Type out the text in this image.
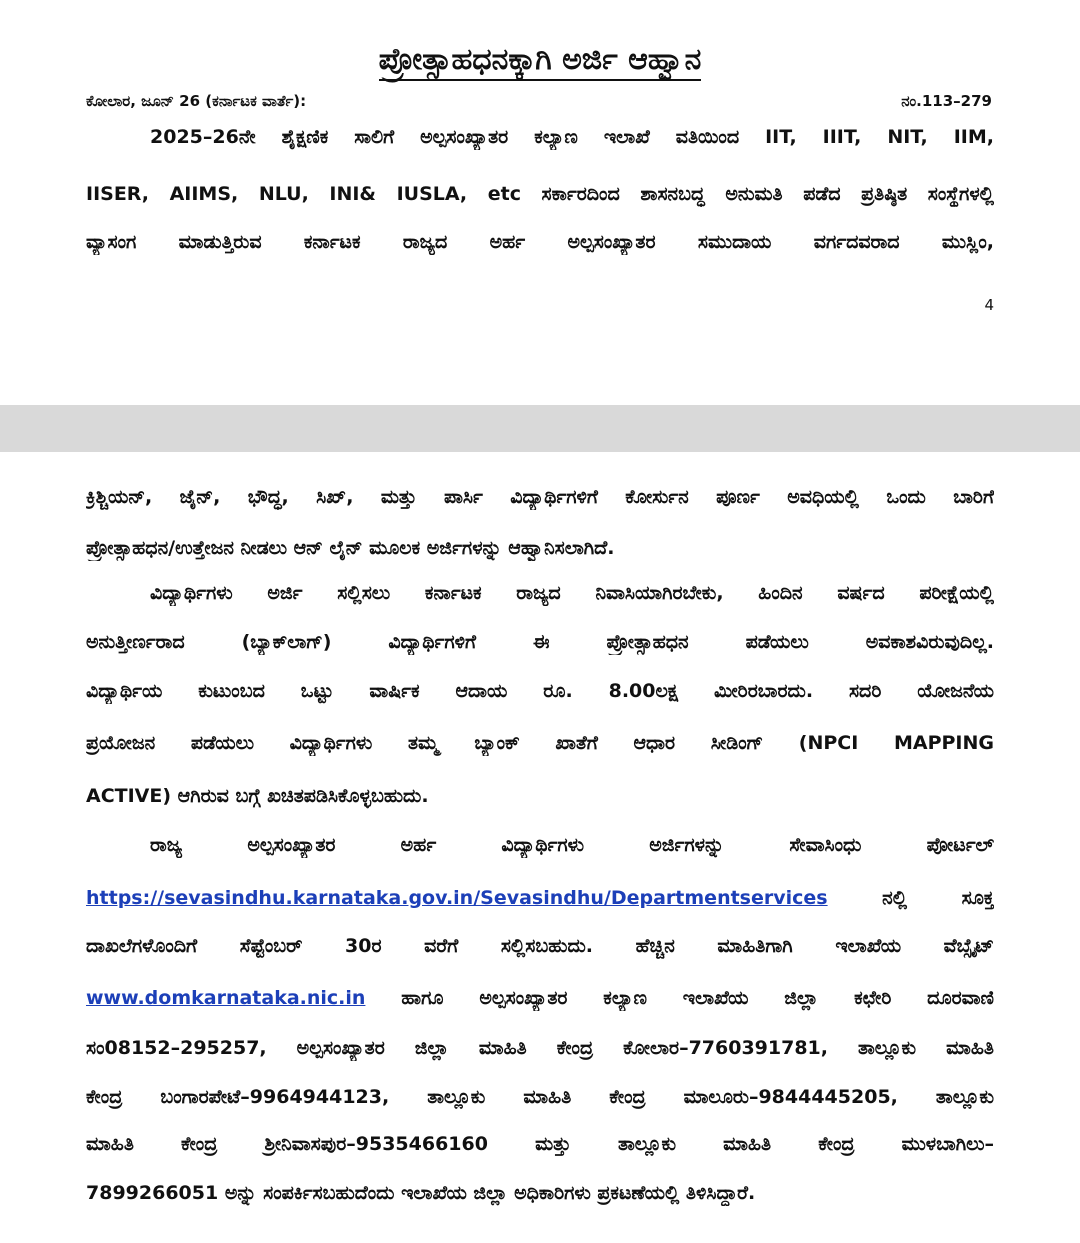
ಪ್ರೋತ್ಸಾಹಧನಕ್ಕಾಗಿ ಅರ್ಜಿ ಆಹ್ವಾನ
ಕೋಲಾರ, ಜೂನ್ 26 (ಕರ್ನಾಟಕ ವಾರ್ತೆ):	ನಂ.113–279
2025–26ನೇ ಶೈಕ್ಷಣಿಕ ಸಾಲಿಗೆ ಅಲ್ಪಸಂಖ್ಯಾತರ ಕಲ್ಯಾಣ ಇಲಾಖೆ ವತಿಯಿಂದ IIT, IIIT, NIT, IIM,
IISER, AIIMS, NLU, INI& IUSLA, etc ಸರ್ಕಾರದಿಂದ ಶಾಸನಬದ್ಧ ಅನುಮತಿ ಪಡೆದ ಪ್ರತಿಷ್ಠಿತ ಸಂಸ್ಥೆಗಳಲ್ಲಿ
ವ್ಯಾಸಂಗ ಮಾಡುತ್ತಿರುವ ಕರ್ನಾಟಕ ರಾಜ್ಯದ ಅರ್ಹ ಅಲ್ಪಸಂಖ್ಯಾತರ ಸಮುದಾಯ ವರ್ಗದವರಾದ ಮುಸ್ಲಿಂ,
4
ಕ್ರಿಶ್ಚಿಯನ್, ಜೈನ್, ಭೌದ್ಧ, ಸಿಖ್, ಮತ್ತು ಪಾರ್ಸಿ ವಿದ್ಯಾರ್ಥಿಗಳಿಗೆ ಕೋರ್ಸುನ ಪೂರ್ಣ ಅವಧಿಯಲ್ಲಿ ಒಂದು ಬಾರಿಗೆ
ಪ್ರೋತ್ಸಾಹಧನ/ಉತ್ತೇಜನ ನೀಡಲು ಆನ್ ಲೈನ್ ಮೂಲಕ ಅರ್ಜಿಗಳನ್ನು ಆಹ್ವಾನಿಸಲಾಗಿದೆ.
ವಿದ್ಯಾರ್ಥಿಗಳು ಅರ್ಜಿ ಸಲ್ಲಿಸಲು ಕರ್ನಾಟಕ ರಾಜ್ಯದ ನಿವಾಸಿಯಾಗಿರಬೇಕು, ಹಿಂದಿನ ವರ್ಷದ ಪರೀಕ್ಷೆಯಲ್ಲಿ
ಅನುತ್ತೀರ್ಣರಾದ (ಬ್ಯಾಕ್‌ಲಾಗ್) ವಿದ್ಯಾರ್ಥಿಗಳಿಗೆ ಈ ಪ್ರೋತ್ಸಾಹಧನ ಪಡೆಯಲು ಅವಕಾಶವಿರುವುದಿಲ್ಲ.
ವಿದ್ಯಾರ್ಥಿಯ ಕುಟುಂಬದ ಒಟ್ಟು ವಾರ್ಷಿಕ ಆದಾಯ ರೂ. 8.00ಲಕ್ಷ ಮೀರಿರಬಾರದು. ಸದರಿ ಯೋಜನೆಯ
ಪ್ರಯೋಜನ ಪಡೆಯಲು ವಿದ್ಯಾರ್ಥಿಗಳು ತಮ್ಮ ಬ್ಯಾಂಕ್ ಖಾತೆಗೆ ಆಧಾರ ಸೀಡಿಂಗ್ (NPCI MAPPING
ACTIVE) ಆಗಿರುವ ಬಗ್ಗೆ ಖಚಿತಪಡಿಸಿಕೊಳ್ಳಬಹುದು.
ರಾಜ್ಯ ಅಲ್ಪಸಂಖ್ಯಾತರ ಅರ್ಹ ವಿದ್ಯಾರ್ಥಿಗಳು ಅರ್ಜಿಗಳನ್ನು ಸೇವಾಸಿಂಧು ಪೋರ್ಟಲ್
https://sevasindhu.karnataka.gov.in/Sevasindhu/Departmentservices	ನಲ್ಲಿ ಸೂಕ್ತ
ದಾಖಲೆಗಳೊಂದಿಗೆ ಸೆಪ್ಟೆಂಬರ್ 30ರ ವರೆಗೆ ಸಲ್ಲಿಸಬಹುದು. ಹೆಚ್ಚಿನ ಮಾಹಿತಿಗಾಗಿ ಇಲಾಖೆಯ ವೆಬ್ಸೈಟ್
www.domkarnataka.nic.in ಹಾಗೂ ಅಲ್ಪಸಂಖ್ಯಾತರ ಕಲ್ಯಾಣ ಇಲಾಖೆಯ ಜಿಲ್ಲಾ ಕಛೇರಿ ದೂರವಾಣಿ
ಸಂ08152–295257, ಅಲ್ಪಸಂಖ್ಯಾತರ ಜಿಲ್ಲಾ ಮಾಹಿತಿ ಕೇಂದ್ರ ಕೋಲಾರ–7760391781, ತಾಲ್ಲೂಕು ಮಾಹಿತಿ
ಕೇಂದ್ರ ಬಂಗಾರಪೇಟೆ–9964944123, ತಾಲ್ಲೂಕು ಮಾಹಿತಿ ಕೇಂದ್ರ ಮಾಲೂರು–9844445205, ತಾಲ್ಲೂಕು
ಮಾಹಿತಿ ಕೇಂದ್ರ ಶ್ರೀನಿವಾಸಪುರ–9535466160 ಮತ್ತು ತಾಲ್ಲೂಕು ಮಾಹಿತಿ ಕೇಂದ್ರ ಮುಳಬಾಗಿಲು–
7899266051 ಅನ್ನು ಸಂಪರ್ಕಿಸಬಹುದೆಂದು ಇಲಾಖೆಯ ಜಿಲ್ಲಾ ಅಧಿಕಾರಿಗಳು ಪ್ರಕಟಣೆಯಲ್ಲಿ ತಿಳಿಸಿದ್ದಾರೆ.
